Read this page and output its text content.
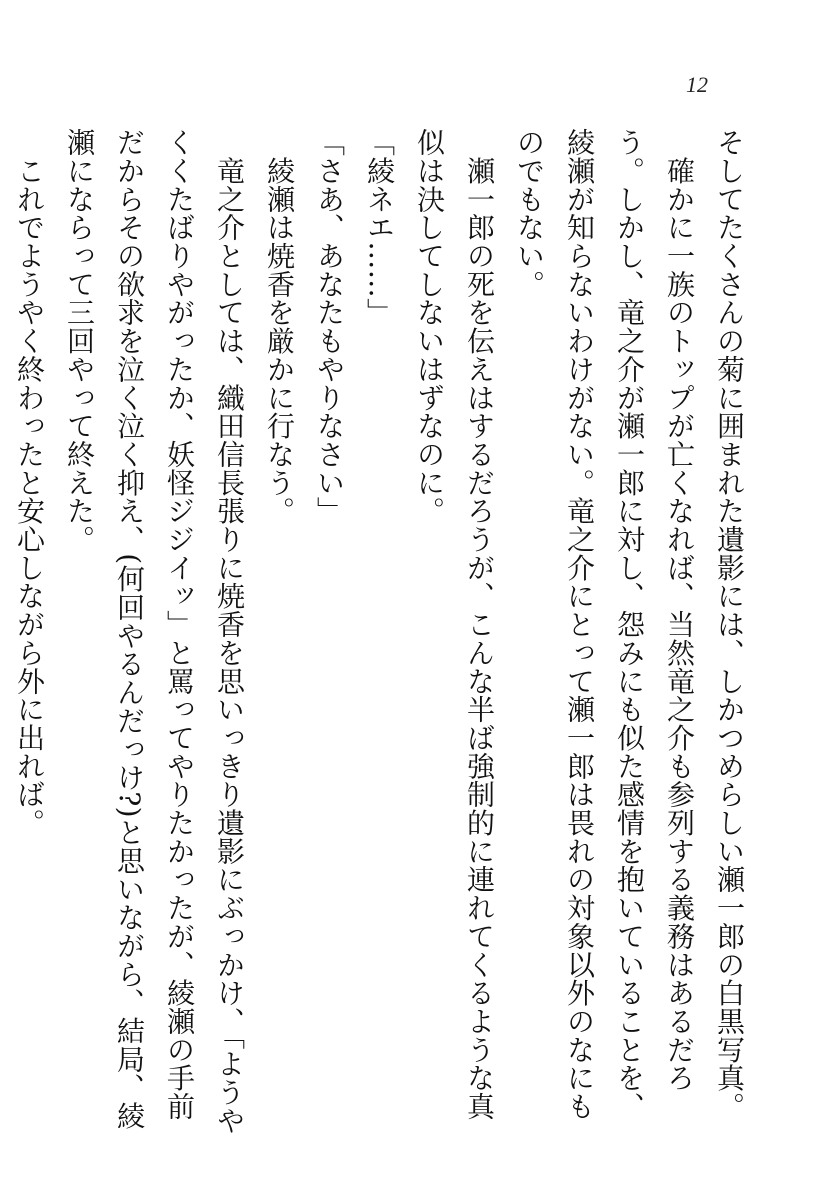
12

そしてたくさんの菊に囲まれた遺影には、しかつめらしい瀬一郎の白黒写真。

　確かに一族のトップが亡くなれば、当然竜之介も参列する義務はあるだろう。しかし、竜之介が瀬一郎に対し、怨みにも似た感情を抱いていることを、綾瀬が知らないわけがない。竜之介にとって瀬一郎は畏れの対象以外のなにものでもない。

　瀬一郎の死を伝えはするだろうが、こんな半ば強制的に連れてくるような真似は決してしないはずなのに。

「綾ネエ……」

「さあ、あなたもやりなさい」

　綾瀬は焼香を厳かに行なう。

　竜之介としては、織田信長張りに焼香を思いっきり遺影にぶっかけ、「ようやくくたばりやがったか、妖怪ジジイッ」と罵ってやりたかったが、綾瀬の手前だからその欲求を泣く泣く抑え、(何回やるんだっけ?)と思いながら、結局、綾瀬にならって三回やって終えた。

　これでようやく終わったと安心しながら外に出れば。
